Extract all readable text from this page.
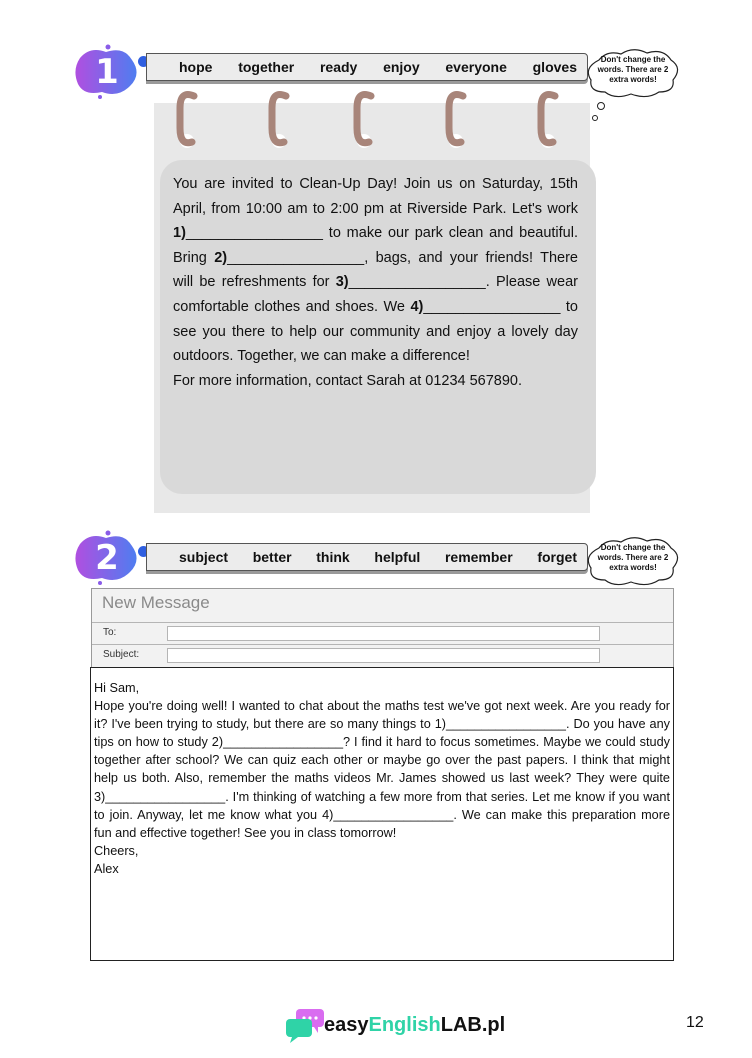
1	hope together ready enjoy everyone gloves	Don't change the words. There are 2 extra words!

You are invited to Clean-Up Day! Join us on Saturday, 15th April, from 10:00 am to 2:00 pm at Riverside Park. Let's work 1)_________________ to make our park clean and beautiful. Bring 2)_________________, bags, and your friends! There will be refreshments for 3)_________________. Please wear comfortable clothes and shoes. We 4)_________________ to see you there to help our community and enjoy a lovely day outdoors. Together, we can make a difference!

For more information, contact Sarah at 01234 567890.

2	subject better think helpful remember forget
Don't change the words. There are 2 extra words!
New Message
To:
Subject:

Hi Sam,

Hope you're doing well! I wanted to chat about the maths test we've got next week. Are you ready for it? I've been trying to study, but there are so many things to 1)_________________. Do you have any tips on how to study 2)_________________? I find it hard to focus sometimes. Maybe we could study together after school? We can quiz each other or maybe go over the past papers. I think that might help us both. Also, remember the maths videos Mr. James showed us last week? They were quite 3)_________________. I'm thinking of watching a few more from that series. Let me know if you want to join. Anyway, let me know what you 4)_________________. We can make this preparation more fun and effective together! See you in class tomorrow!

Cheers,

Alex

easyEnglishLAB.pl	12
